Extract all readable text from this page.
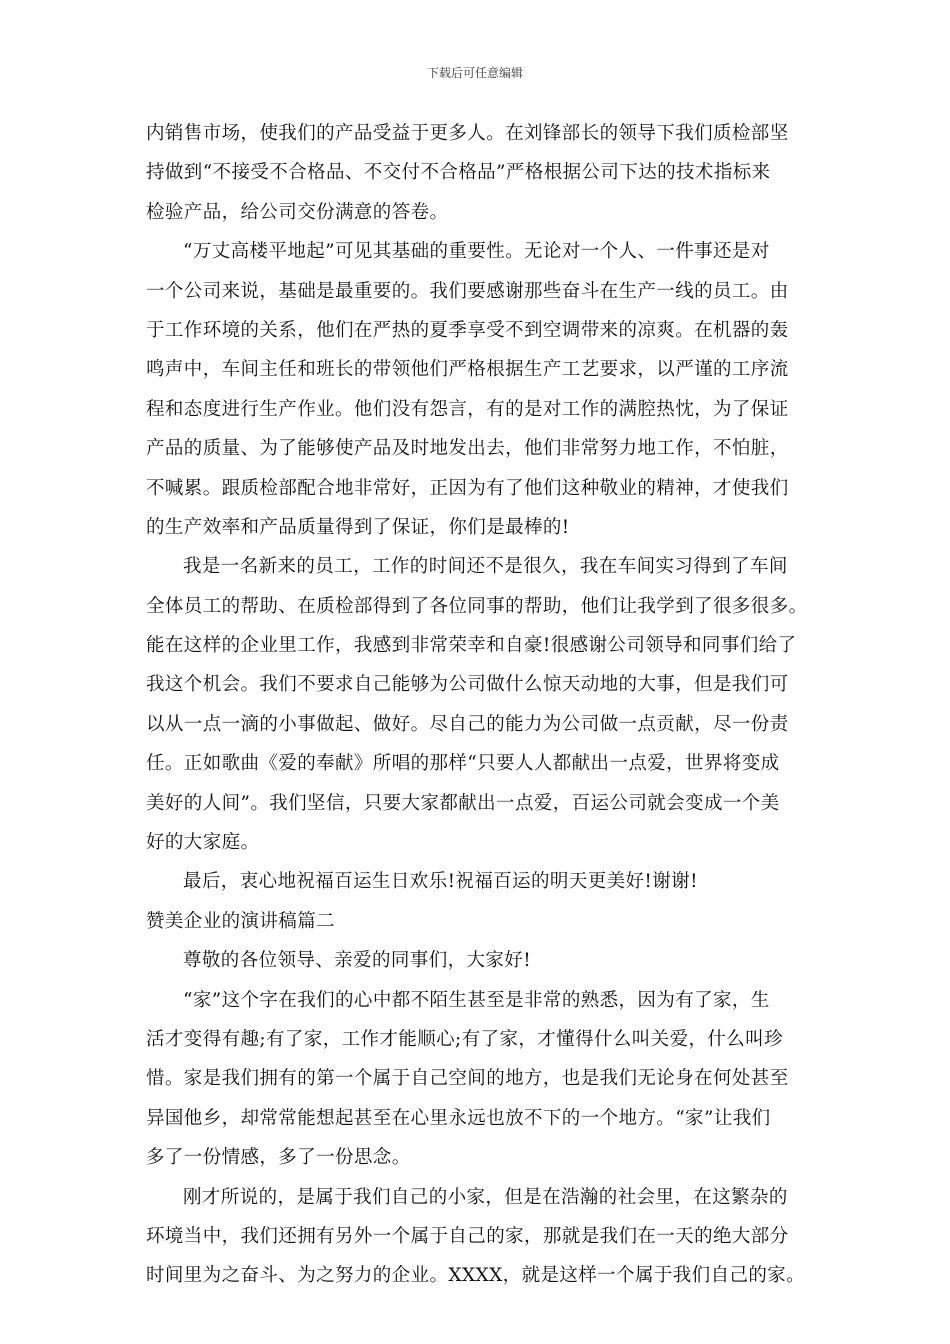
下载后可任意编辑
内销售市场，使我们的产品受益于更多人。在刘锋部长的领导下我们质检部坚
持做到“不接受不合格品、不交付不合格品”严格根据公司下达的技术指标来
检验产品，给公司交份满意的答卷。
“万丈高楼平地起”可见其基础的重要性。无论对一个人、一件事还是对
一个公司来说，基础是最重要的。我们要感谢那些奋斗在生产一线的员工。由
于工作环境的关系，他们在严热的夏季享受不到空调带来的凉爽。在机器的轰
鸣声中，车间主任和班长的带领他们严格根据生产工艺要求，以严谨的工序流
程和态度进行生产作业。他们没有怨言，有的是对工作的满腔热忱，为了保证
产品的质量、为了能够使产品及时地发出去，他们非常努力地工作，不怕脏，
不喊累。跟质检部配合地非常好，正因为有了他们这种敬业的精神，才使我们
的生产效率和产品质量得到了保证，你们是最棒的!
我是一名新来的员工，工作的时间还不是很久，我在车间实习得到了车间
全体员工的帮助、在质检部得到了各位同事的帮助，他们让我学到了很多很多。
能在这样的企业里工作，我感到非常荣幸和自豪!很感谢公司领导和同事们给了
我这个机会。我们不要求自己能够为公司做什么惊天动地的大事，但是我们可
以从一点一滴的小事做起、做好。尽自己的能力为公司做一点贡献，尽一份责
任。正如歌曲《爱的奉献》所唱的那样“只要人人都献出一点爱，世界将变成
美好的人间”。我们坚信，只要大家都献出一点爱，百运公司就会变成一个美
好的大家庭。
最后，衷心地祝福百运生日欢乐!祝福百运的明天更美好!谢谢!
赞美企业的演讲稿篇二
尊敬的各位领导、亲爱的同事们，大家好!
“家”这个字在我们的心中都不陌生甚至是非常的熟悉，因为有了家，生
活才变得有趣;有了家，工作才能顺心;有了家，才懂得什么叫关爱，什么叫珍
惜。家是我们拥有的第一个属于自己空间的地方，也是我们无论身在何处甚至
异国他乡，却常常能想起甚至在心里永远也放不下的一个地方。“家”让我们
多了一份情感，多了一份思念。
刚才所说的，是属于我们自己的小家，但是在浩瀚的社会里，在这繁杂的
环境当中，我们还拥有另外一个属于自己的家，那就是我们在一天的绝大部分
时间里为之奋斗、为之努力的企业。XXXX，就是这样一个属于我们自己的家。
